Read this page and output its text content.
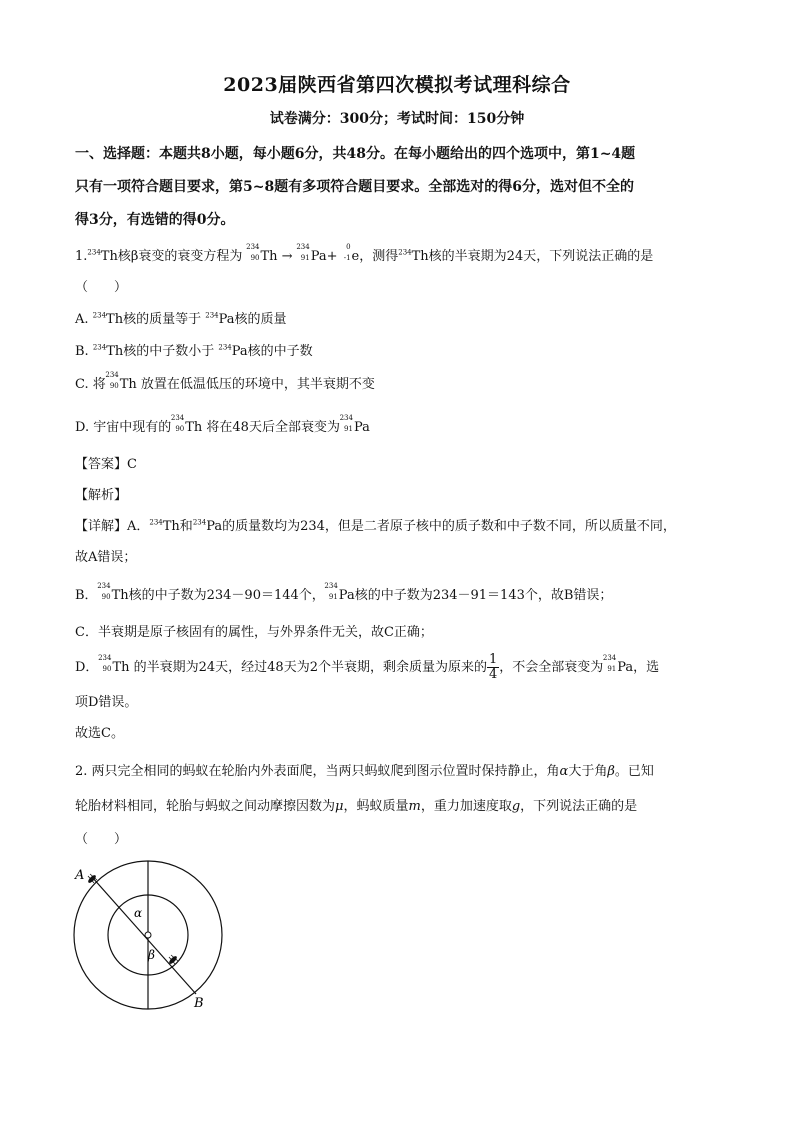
2023届陕西省第四次模拟考试理科综合
试卷满分：300分；考试时间：150分钟
一、选择题：本题共8小题，每小题6分，共48分。在每小题给出的四个选项中，第1~4题
只有一项符合题目要求，第5~8题有多项符合题目要求。全部选对的得6分，选对但不全的
得3分，有选错的得0分。
1.$^{234}$Th核β衰变的衰变方程为
234
90 Th →
234
91 Pa+
0
-1 e，测得$^{234}$Th核的半衰期为24天，下列说法正确的是
（　　）
A. $^{234}$Th核的质量等于 $^{234}$Pa核的质量
B. $^{234}$Th核的中子数小于 $^{234}$Pa核的中子数
C. 将
234
90 Th 放置在低温低压的环境中，其半衰期不变
D. 宇宙中现有的
234
90 Th 将在48天后全部衰变为
234
91 Pa
【答案】C
【解析】
【详解】A．$^{234}$Th和$^{234}$Pa的质量数均为234，但是二者原子核中的质子数和中子数不同，所以质量不同，
故A错误；
B．
234
90 Th核的中子数为234－90＝144个，
234
91 Pa核的中子数为234－91＝143个，故B错误；
C．半衰期是原子核固有的属性，与外界条件无关，故C正确；
D．
234
90 Th 的半衰期为24天，经过48天为2个半衰期，剩余质量为原来的 $\frac{1}{4}$ ，不会全部衰变为
234
91 Pa，选
项D错误。
故选C。
2. 两只完全相同的蚂蚁在轮胎内外表面爬，当两只蚂蚁爬到图示位置时保持静止，角α大于角β。已知
轮胎材料相同，轮胎与蚂蚁之间动摩擦因数为μ，蚂蚁质量m，重力加速度取g，下列说法正确的是
（　　）
A
B
α
β
